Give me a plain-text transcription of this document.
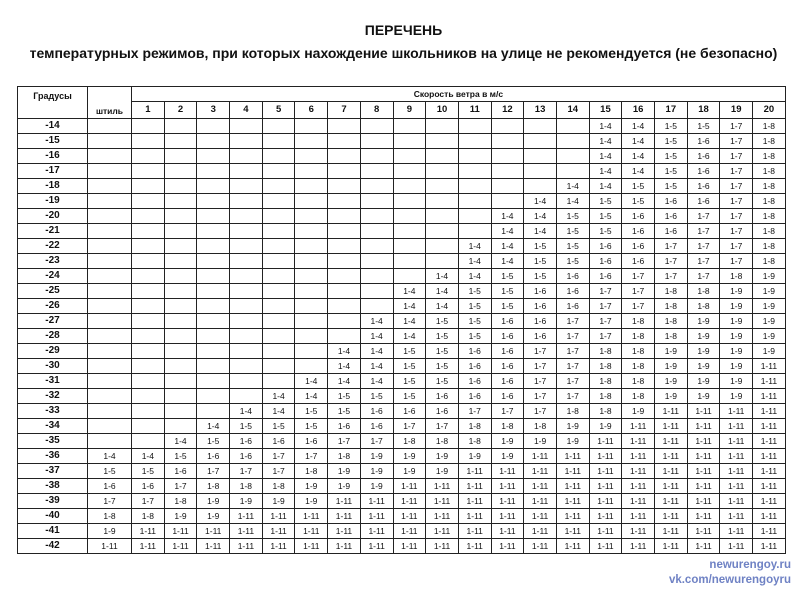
ПЕРЕЧЕНЬ
температурных режимов, при которых нахождение школьников на улице не рекомендуется (не безопасно)
Градусы	штиль	Скорость ветра в м/с																			
		1	2	3	4	5	6	7	8	9	10	11	12	13	14	15	16	17	18	19	20
-14																1-4	1-4	1-5	1-5	1-7	1-8
-15																1-4	1-4	1-5	1-6	1-7	1-8
-16																1-4	1-4	1-5	1-6	1-7	1-8
-17																1-4	1-4	1-5	1-6	1-7	1-8
-18															1-4	1-4	1-5	1-5	1-6	1-7	1-8
-19														1-4	1-4	1-5	1-5	1-6	1-6	1-7	1-8
-20													1-4	1-4	1-5	1-5	1-6	1-6	1-7	1-7	1-8
-21													1-4	1-4	1-5	1-5	1-6	1-6	1-7	1-7	1-8
-22												1-4	1-4	1-5	1-5	1-6	1-6	1-7	1-7	1-7	1-8
-23												1-4	1-4	1-5	1-5	1-6	1-6	1-7	1-7	1-7	1-8
-24											1-4	1-4	1-5	1-5	1-6	1-6	1-7	1-7	1-7	1-8	1-9
-25										1-4	1-4	1-5	1-5	1-6	1-6	1-7	1-7	1-8	1-8	1-9	1-9
-26										1-4	1-4	1-5	1-5	1-6	1-6	1-7	1-7	1-8	1-8	1-9	1-9
-27									1-4	1-4	1-5	1-5	1-6	1-6	1-7	1-7	1-8	1-8	1-9	1-9	1-9
-28									1-4	1-4	1-5	1-5	1-6	1-6	1-7	1-7	1-8	1-8	1-9	1-9	1-9
-29								1-4	1-4	1-5	1-5	1-6	1-6	1-7	1-7	1-8	1-8	1-9	1-9	1-9	1-9
-30								1-4	1-4	1-5	1-5	1-6	1-6	1-7	1-7	1-8	1-8	1-9	1-9	1-9	1-11
-31							1-4	1-4	1-4	1-5	1-5	1-6	1-6	1-7	1-7	1-8	1-8	1-9	1-9	1-9	1-11
-32						1-4	1-4	1-5	1-5	1-5	1-6	1-6	1-6	1-7	1-7	1-8	1-8	1-9	1-9	1-9	1-11
-33					1-4	1-4	1-5	1-5	1-6	1-6	1-6	1-7	1-7	1-7	1-8	1-8	1-9	1-11	1-11	1-11	1-11
-34				1-4	1-5	1-5	1-5	1-6	1-6	1-7	1-7	1-8	1-8	1-8	1-9	1-9	1-11	1-11	1-11	1-11	1-11
-35			1-4	1-5	1-6	1-6	1-6	1-7	1-7	1-8	1-8	1-8	1-9	1-9	1-9	1-11	1-11	1-11	1-11	1-11	1-11
-36	1-4	1-4	1-5	1-6	1-6	1-7	1-7	1-8	1-9	1-9	1-9	1-9	1-9	1-11	1-11	1-11	1-11	1-11	1-11	1-11	1-11
-37	1-5	1-5	1-6	1-7	1-7	1-7	1-8	1-9	1-9	1-9	1-9	1-11	1-11	1-11	1-11	1-11	1-11	1-11	1-11	1-11	1-11
-38	1-6	1-6	1-7	1-8	1-8	1-8	1-9	1-9	1-9	1-11	1-11	1-11	1-11	1-11	1-11	1-11	1-11	1-11	1-11	1-11	1-11
-39	1-7	1-7	1-8	1-9	1-9	1-9	1-9	1-11	1-11	1-11	1-11	1-11	1-11	1-11	1-11	1-11	1-11	1-11	1-11	1-11	1-11
-40	1-8	1-8	1-9	1-9	1-11	1-11	1-11	1-11	1-11	1-11	1-11	1-11	1-11	1-11	1-11	1-11	1-11	1-11	1-11	1-11	1-11
-41	1-9	1-11	1-11	1-11	1-11	1-11	1-11	1-11	1-11	1-11	1-11	1-11	1-11	1-11	1-11	1-11	1-11	1-11	1-11	1-11	1-11
-42	1-11	1-11	1-11	1-11	1-11	1-11	1-11	1-11	1-11	1-11	1-11	1-11	1-11	1-11	1-11	1-11	1-11	1-11	1-11	1-11	1-11
newurengoy.ru
vk.com/newurengoyru
